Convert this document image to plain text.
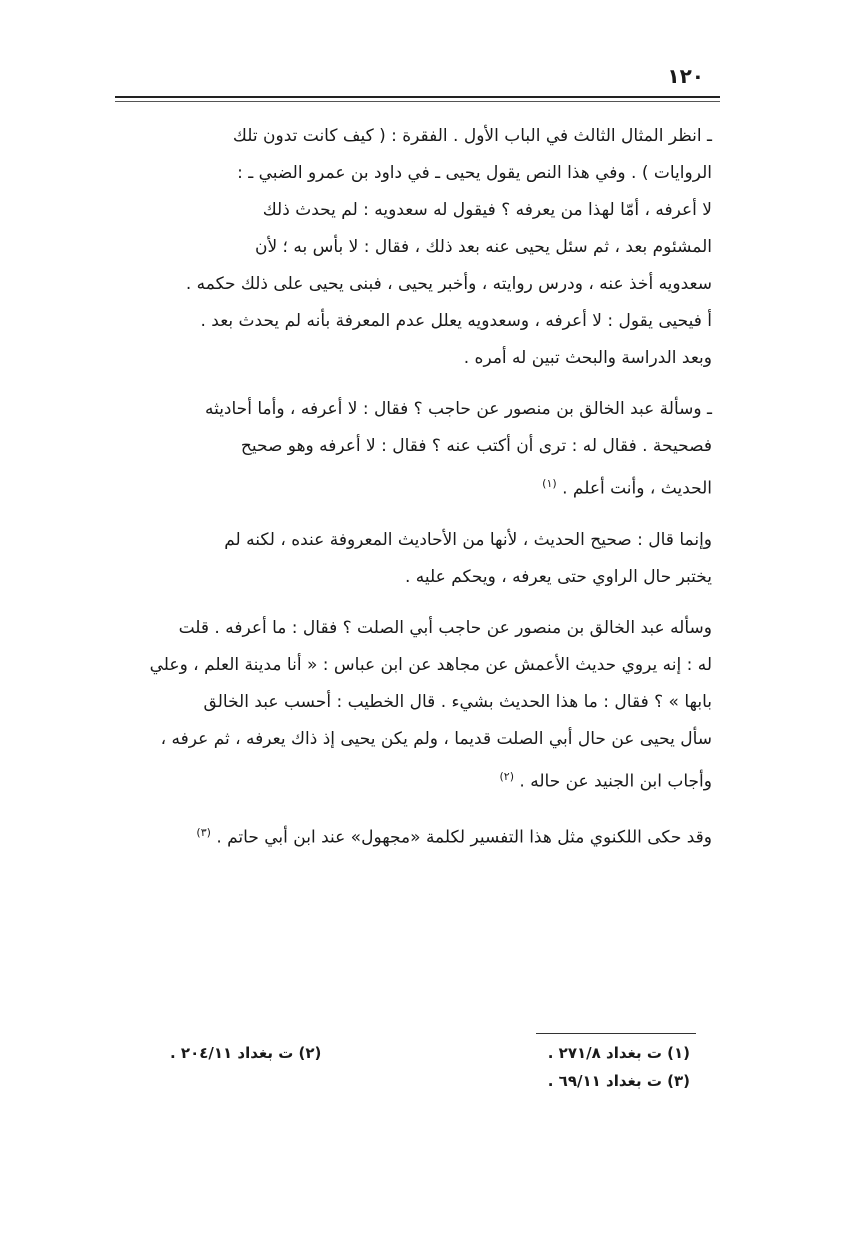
١٢٠

ـ انظر المثال الثالث في الباب الأول . الفقرة : ( كيف كانت تدون تلك
الروايات ) . وفي هذا النص يقول يحيى ـ في داود بن عمرو الضبي ـ :
لا أعرفه ، أمّا لهذا من يعرفه ؟ فيقول له سعدويه : لم يحدث ذلك
المشئوم بعد ، ثم سئل يحيى عنه بعد ذلك ، فقال : لا بأس به ؛ لأن
سعدويه أخذ عنه ، ودرس روايته ، وأخبر يحيى ، فبنى يحيى على ذلك حكمه .
أ فيحيى يقول : لا أعرفه ، وسعدويه يعلل عدم المعرفة بأنه لم يحدث بعد .
وبعد الدراسة والبحث تبين له أمره .

ـ وسألة عبد الخالق بن منصور عن حاجب ؟ فقال : لا أعرفه ، وأما أحاديثه
فصحيحة . فقال له : ترى أن أكتب عنه ؟ فقال : لا أعرفه وهو صحيح
الحديث ، وأنت أعلم . $^{(١)}$

وإنما قال : صحيح الحديث ، لأنها من الأحاديث المعروفة عنده ، لكنه لم
يختبر حال الراوي حتى يعرفه ، ويحكم عليه .

وسأله عبد الخالق بن منصور عن حاجب أبي الصلت ؟ فقال : ما أعرفه . قلت
له : إنه يروي حديث الأعمش عن مجاهد عن ابن عباس : « أنا مدينة العلم ، وعلي
بابها » ؟ فقال : ما هذا الحديث بشيء . قال الخطيب : أحسب عبد الخالق
سأل يحيى عن حال أبي الصلت قديما ، ولم يكن يحيى إذ ذاك يعرفه ، ثم عرفه ،
وأجاب ابن الجنيد عن حاله . $^{(٢)}$

وقد حكى اللكنوي مثل هذا التفسير لكلمة «مجهول» عند ابن أبي حاتم . $^{(٣)}$

(١) ت بغداد ٢٧١/٨ .
(٢) ت بغداد ٢٠٤/١١ .
(٣) ت بغداد ٦٩/١١ .
